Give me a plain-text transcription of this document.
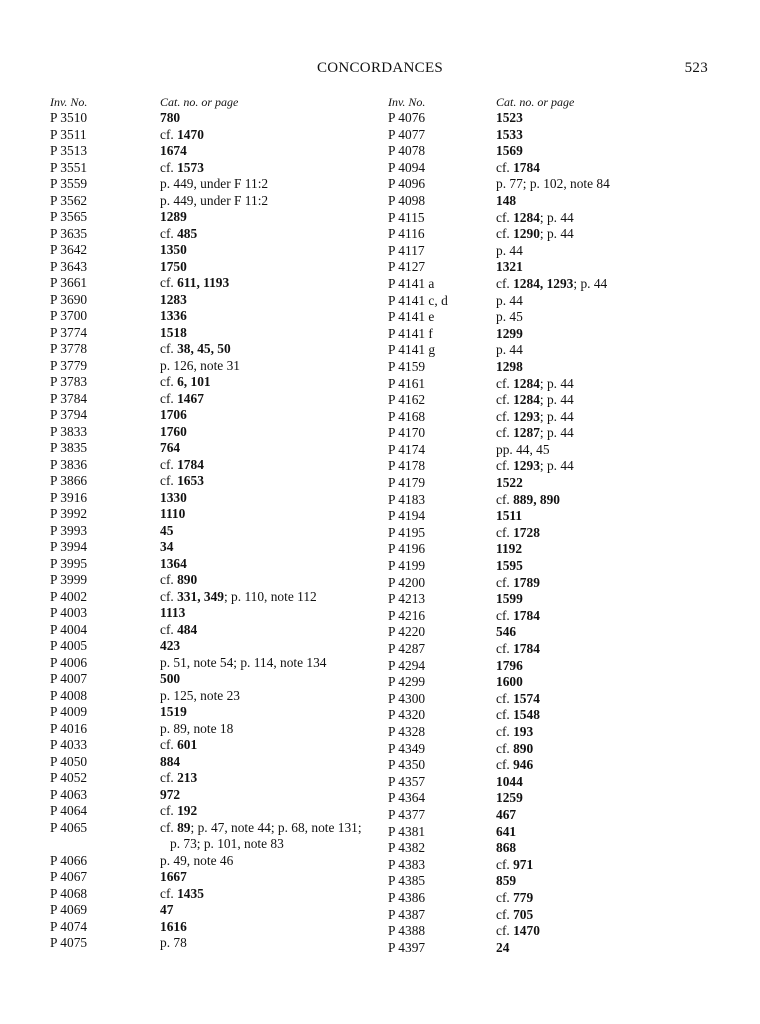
CONCORDANCES	523
Inv. No.	Cat. no. or page
P 3510	780
P 3511	cf. 1470
P 3513	1674
P 3551	cf. 1573
P 3559	p. 449, under F 11:2
P 3562	p. 449, under F 11:2
P 3565	1289
P 3635	cf. 485
P 3642	1350
P 3643	1750
P 3661	cf. 611, 1193
P 3690	1283
P 3700	1336
P 3774	1518
P 3778	cf. 38, 45, 50
P 3779	p. 126, note 31
P 3783	cf. 6, 101
P 3784	cf. 1467
P 3794	1706
P 3833	1760
P 3835	764
P 3836	cf. 1784
P 3866	cf. 1653
P 3916	1330
P 3992	1110
P 3993	45
P 3994	34
P 3995	1364
P 3999	cf. 890
P 4002	cf. 331, 349; p. 110, note 112
P 4003	1113
P 4004	cf. 484
P 4005	423
P 4006	p. 51, note 54; p. 114, note 134
P 4007	500
P 4008	p. 125, note 23
P 4009	1519
P 4016	p. 89, note 18
P 4033	cf. 601
P 4050	884
P 4052	cf. 213
P 4063	972
P 4064	cf. 192
P 4065	cf. 89; p. 47, note 44; p. 68, note 131;
p. 73; p. 101, note 83
P 4066	p. 49, note 46
P 4067	1667
P 4068	cf. 1435
P 4069	47
P 4074	1616
P 4075	p. 78
Inv. No.	Cat. no. or page
P 4076	1523
P 4077	1533
P 4078	1569
P 4094	cf. 1784
P 4096	p. 77; p. 102, note 84
P 4098	148
P 4115	cf. 1284; p. 44
P 4116	cf. 1290; p. 44
P 4117	p. 44
P 4127	1321
P 4141 a	cf. 1284, 1293; p. 44
P 4141 c, d	p. 44
P 4141 e	p. 45
P 4141 f	1299
P 4141 g	p. 44
P 4159	1298
P 4161	cf. 1284; p. 44
P 4162	cf. 1284; p. 44
P 4168	cf. 1293; p. 44
P 4170	cf. 1287; p. 44
P 4174	pp. 44, 45
P 4178	cf. 1293; p. 44
P 4179	1522
P 4183	cf. 889, 890
P 4194	1511
P 4195	cf. 1728
P 4196	1192
P 4199	1595
P 4200	cf. 1789
P 4213	1599
P 4216	cf. 1784
P 4220	546
P 4287	cf. 1784
P 4294	1796
P 4299	1600
P 4300	cf. 1574
P 4320	cf. 1548
P 4328	cf. 193
P 4349	cf. 890
P 4350	cf. 946
P 4357	1044
P 4364	1259
P 4377	467
P 4381	641
P 4382	868
P 4383	cf. 971
P 4385	859
P 4386	cf. 779
P 4387	cf. 705
P 4388	cf. 1470
P 4397	24
